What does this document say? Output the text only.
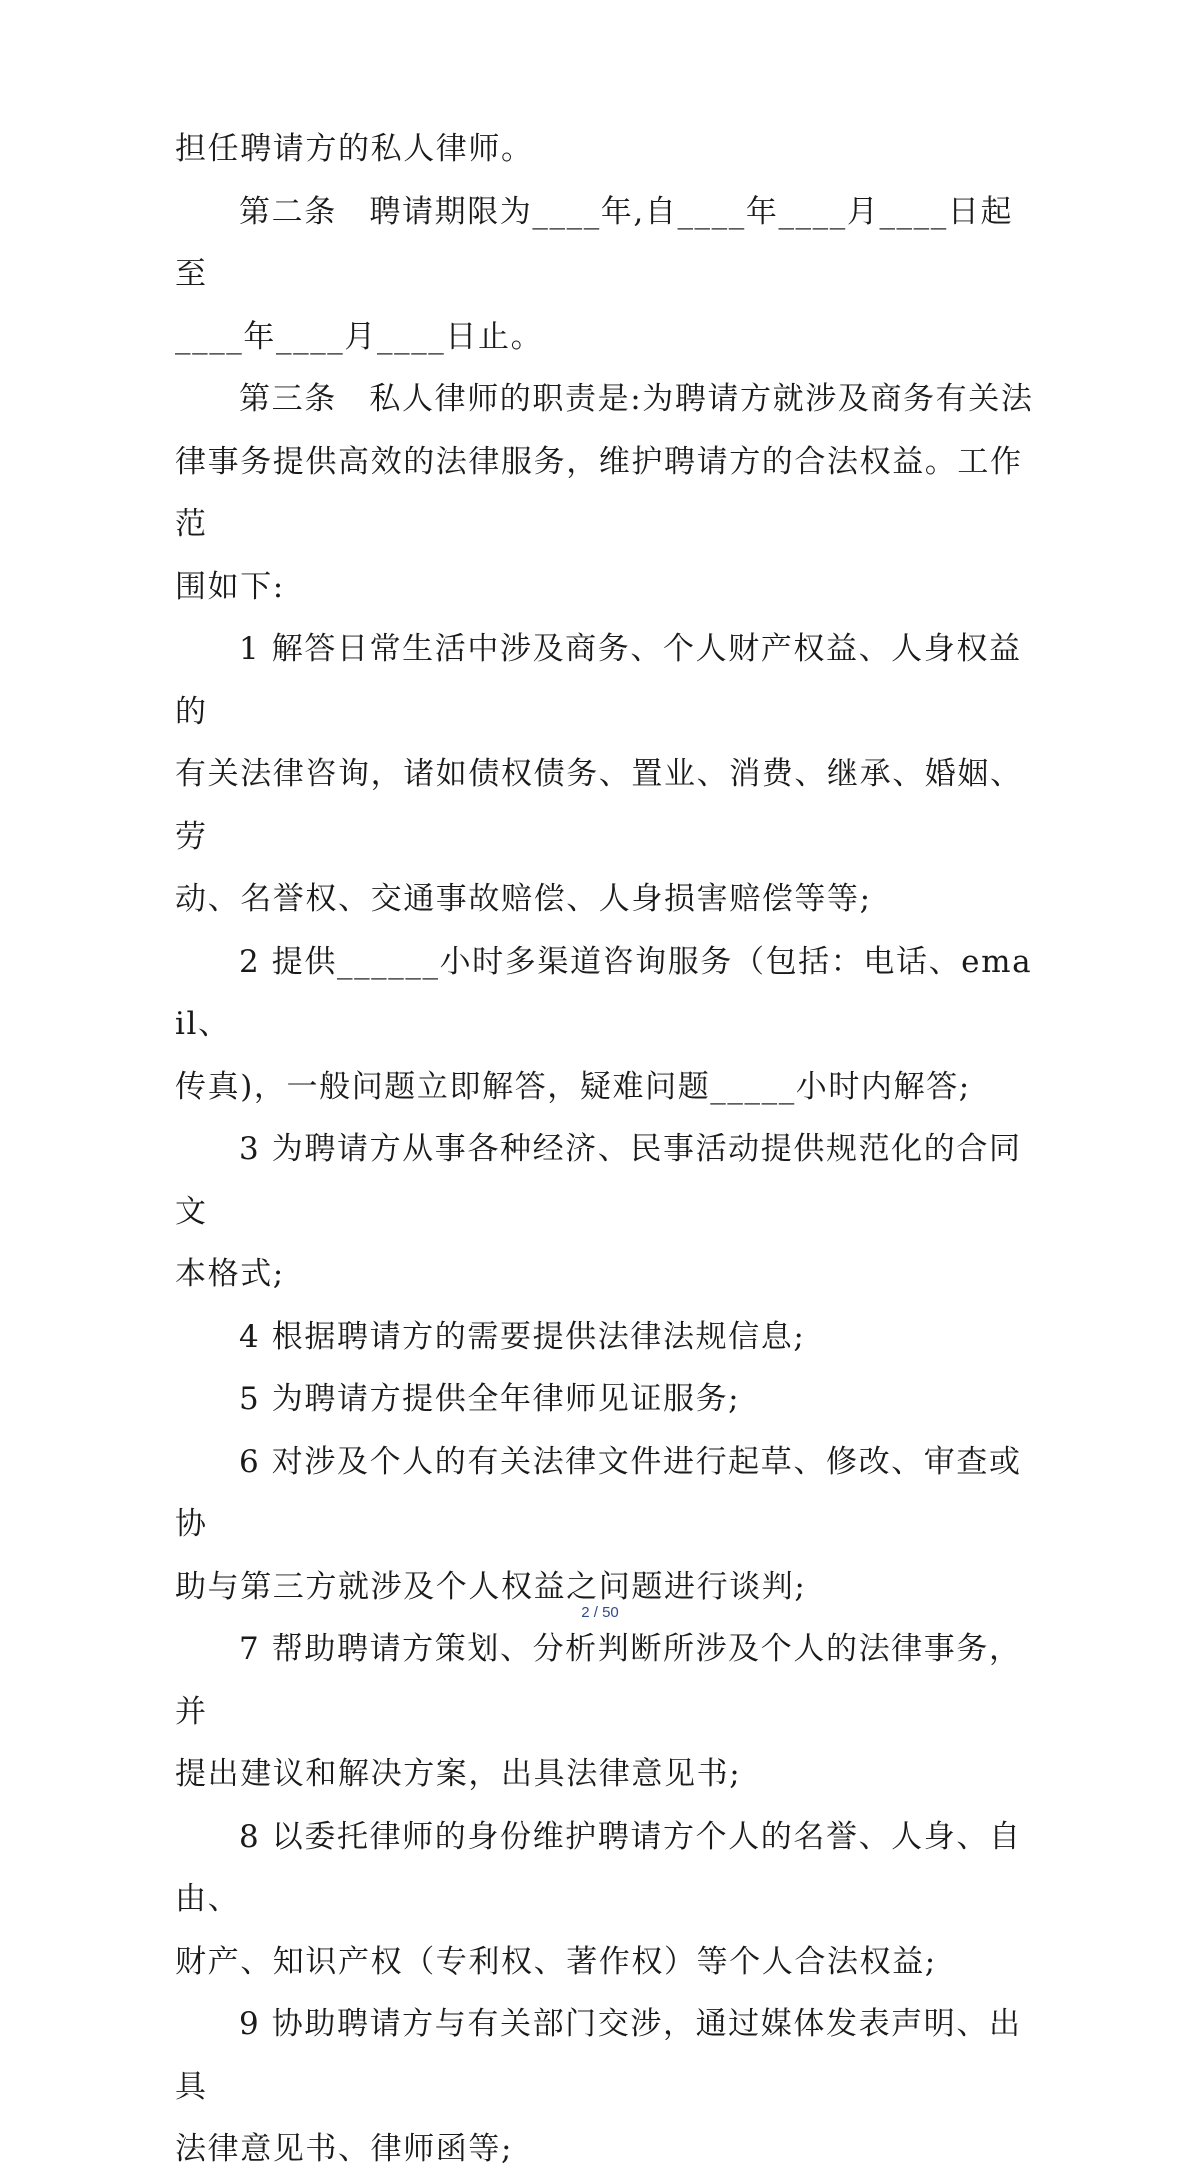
担任聘请方的私人律师。

第二条　聘请期限为____年,自____年____月____日起至

____年____月____日止。

第三条　私人律师的职责是:为聘请方就涉及商务有关法

律事务提供高效的法律服务，维护聘请方的合法权益。工作范

围如下:

1 解答日常生活中涉及商务、个人财产权益、人身权益的

有关法律咨询，诸如债权债务、置业、消费、继承、婚姻、劳

动、名誉权、交通事故赔偿、人身损害赔偿等等;

2 提供______小时多渠道咨询服务（包括：电话、email、

传真)，一般问题立即解答，疑难问题_____小时内解答;

3 为聘请方从事各种经济、民事活动提供规范化的合同文

本格式;

4 根据聘请方的需要提供法律法规信息;

5 为聘请方提供全年律师见证服务;

6 对涉及个人的有关法律文件进行起草、修改、审查或协

助与第三方就涉及个人权益之问题进行谈判;

7 帮助聘请方策划、分析判断所涉及个人的法律事务，并

提出建议和解决方案，出具法律意见书;

8 以委托律师的身份维护聘请方个人的名誉、人身、自由、

财产、知识产权（专利权、著作权）等个人合法权益;

9 协助聘请方与有关部门交涉，通过媒体发表声明、出具

法律意见书、律师函等;

2 / 50
